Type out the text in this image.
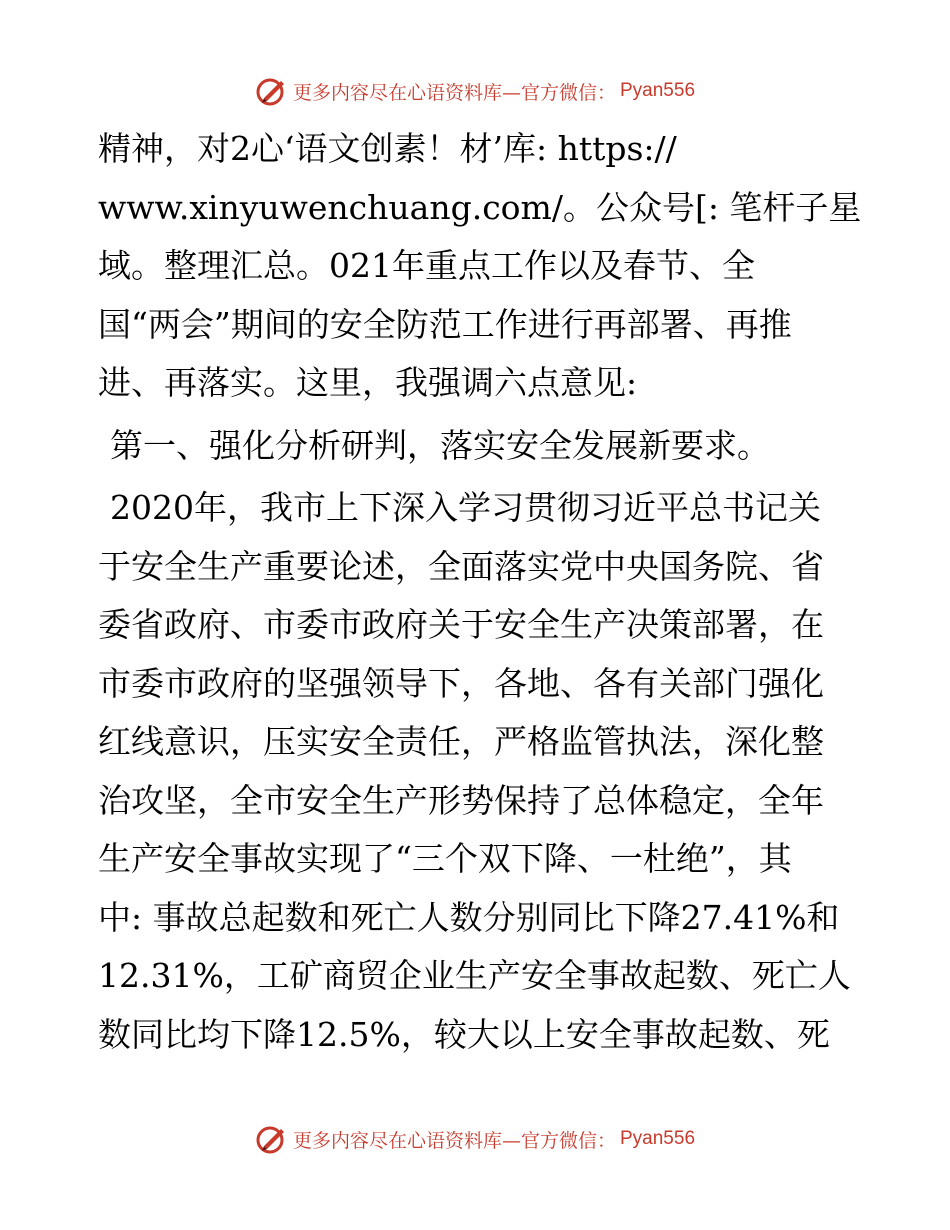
更多内容尽在心语资料库— 官方微信： Pyan556
精神，对2心‘语文创素！材’库: https://
www.xinyuwenchuang.com/。公众号[: 笔杆子星
域。整理汇总。021年重点工作以及春节、全
国“两会”期间的安全防范工作进行再部署、再推
进、再落实。这里，我强调六点意见:
第一、强化分析研判，落实安全发展新要求。
2020年，我市上下深入学习贯彻习近平总书记关
于安全生产重要论述，全面落实党中央国务院、省
委省政府、市委市政府关于安全生产决策部署，在
市委市政府的坚强领导下，各地、各有关部门强化
红线意识，压实安全责任，严格监管执法，深化整
治攻坚，全市安全生产形势保持了总体稳定，全年
生产安全事故实现了“三个双下降、一杜绝”，其
中: 事故总起数和死亡人数分别同比下降27.41%和
12.31%，工矿商贸企业生产安全事故起数、死亡人
数同比均下降12.5%，较大以上安全事故起数、死
更多内容尽在心语资料库— 官方微信： Pyan556
